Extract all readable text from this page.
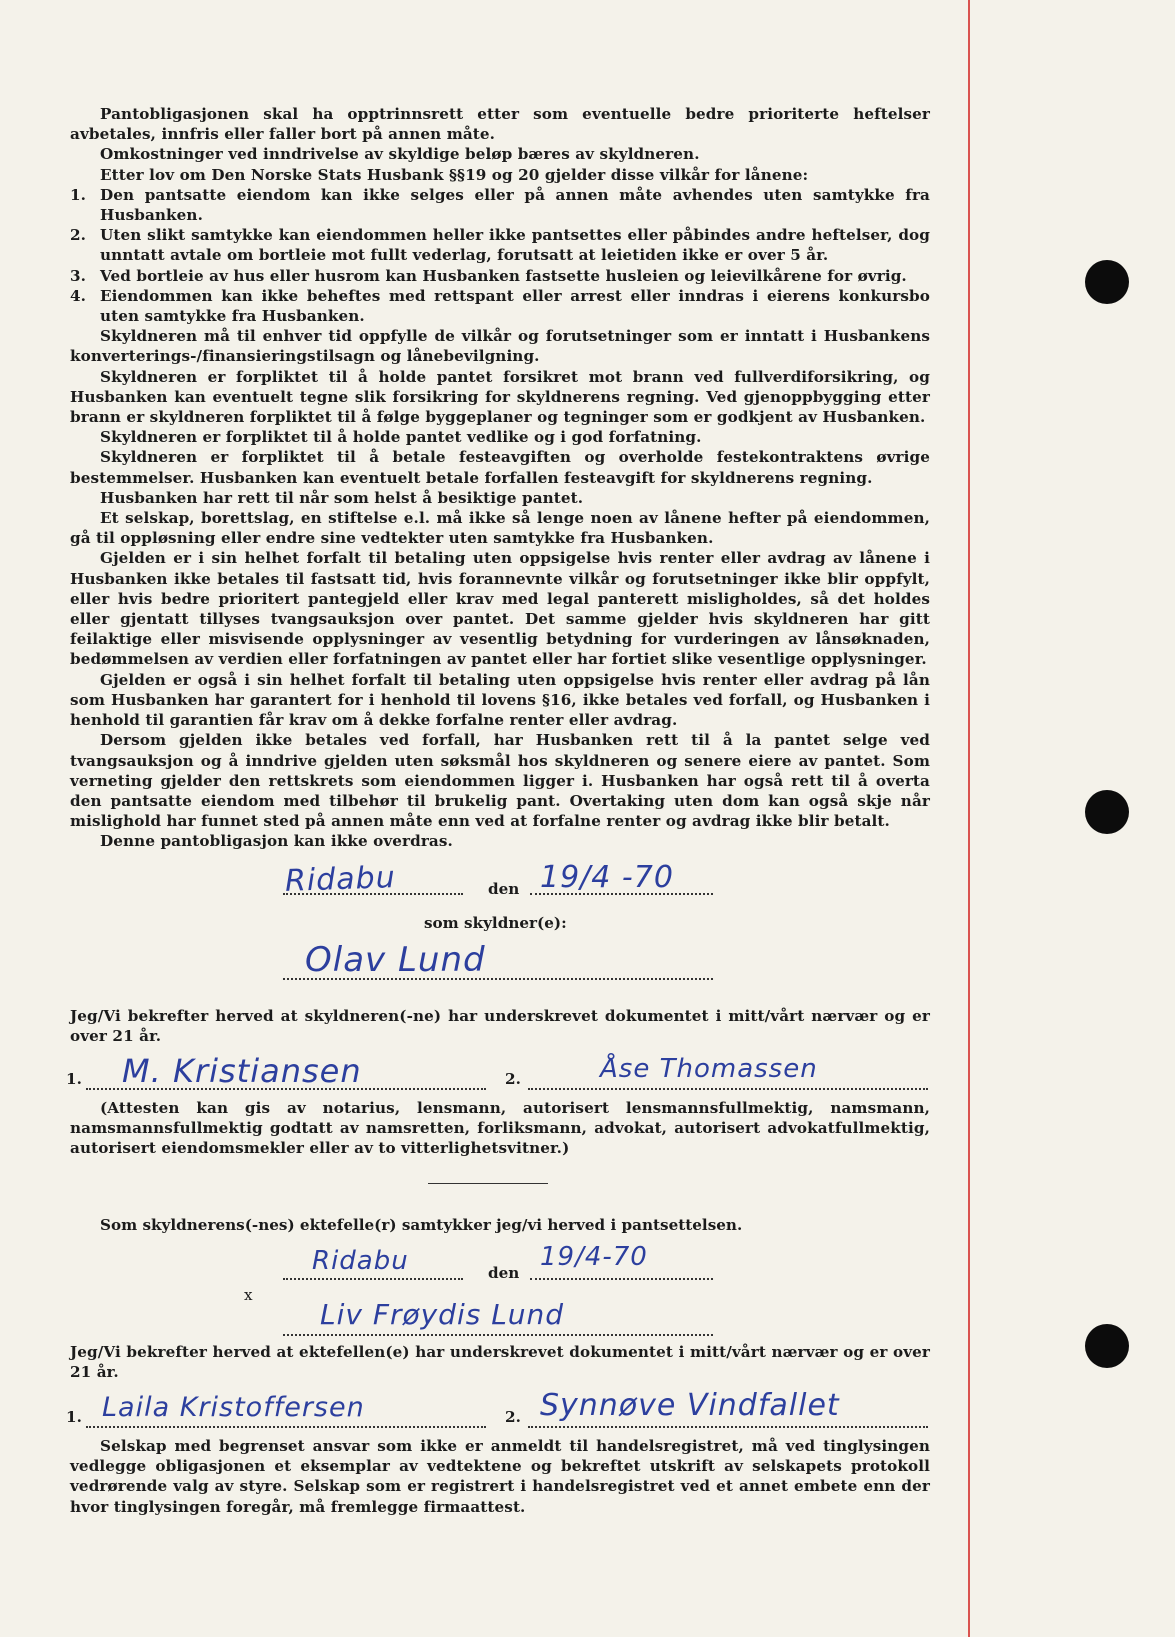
Pantobligasjonen skal ha opptrinnsrett etter som eventuelle bedre prioriterte heftelser avbetales, innfris eller faller bort på annen måte.

Omkostninger ved inndrivelse av skyldige beløp bæres av skyldneren.

Etter lov om Den Norske Stats Husbank §§19 og 20 gjelder disse vilkår for lånene:

1. Den pantsatte eiendom kan ikke selges eller på annen måte avhendes uten samtykke fra Husbanken.
2. Uten slikt samtykke kan eiendommen heller ikke pantsettes eller påbindes andre heftelser, dog unntatt avtale om bortleie mot fullt vederlag, forutsatt at leietiden ikke er over 5 år.
3. Ved bortleie av hus eller husrom kan Husbanken fastsette husleien og leievilkårene for øvrig.
4. Eiendommen kan ikke beheftes med rettspant eller arrest eller inndras i eierens konkursbo uten samtykke fra Husbanken.

Skyldneren må til enhver tid oppfylle de vilkår og forutsetninger som er inntatt i Husbankens konverterings-/finansieringstilsagn og lånebevilgning.

Skyldneren er forpliktet til å holde pantet forsikret mot brann ved fullverdiforsikring, og Husbanken kan eventuelt tegne slik forsikring for skyldnerens regning. Ved gjenoppbygging etter brann er skyldneren forpliktet til å følge byggeplaner og tegninger som er godkjent av Husbanken.

Skyldneren er forpliktet til å holde pantet vedlike og i god forfatning.

Skyldneren er forpliktet til å betale festeavgiften og overholde festekontraktens øvrige bestemmelser. Husbanken kan eventuelt betale forfallen festeavgift for skyldnerens regning.

Husbanken har rett til når som helst å besiktige pantet.

Et selskap, borettslag, en stiftelse e.l. må ikke så lenge noen av lånene hefter på eiendommen, gå til oppløsning eller endre sine vedtekter uten samtykke fra Husbanken.

Gjelden er i sin helhet forfalt til betaling uten oppsigelse hvis renter eller avdrag av lånene i Husbanken ikke betales til fastsatt tid, hvis forannevnte vilkår og forutsetninger ikke blir oppfylt, eller hvis bedre prioritert pantegjeld eller krav med legal panterett misligholdes, så det holdes eller gjentatt tillyses tvangsauksjon over pantet. Det samme gjelder hvis skyldneren har gitt feilaktige eller misvisende opplysninger av vesentlig betydning for vurderingen av lånsøknaden, bedømmelsen av verdien eller forfatningen av pantet eller har fortiet slike vesentlige opplysninger.

Gjelden er også i sin helhet forfalt til betaling uten oppsigelse hvis renter eller avdrag på lån som Husbanken har garantert for i henhold til lovens §16, ikke betales ved forfall, og Husbanken i henhold til garantien får krav om å dekke forfalne renter eller avdrag.

Dersom gjelden ikke betales ved forfall, har Husbanken rett til å la pantet selge ved tvangsauksjon og å inndrive gjelden uten søksmål hos skyldneren og senere eiere av pantet. Som verneting gjelder den rettskrets som eiendommen ligger i. Husbanken har også rett til å overta den pantsatte eiendom med tilbehør til brukelig pant. Overtaking uten dom kan også skje når mislighold har funnet sted på annen måte enn ved at forfalne renter og avdrag ikke blir betalt.

Denne pantobligasjon kan ikke overdras.

Ridabu	den 19/4 -70
som skyldner(e):
Olav Lund

Jeg/Vi bekrefter herved at skyldneren(-ne) har underskrevet dokumentet i mitt/vårt nærvær og er over 21 år.

1. M. Kristiansen	2.	Åse Thomassen

(Attesten kan gis av notarius, lensmann, autorisert lensmannsfullmektig, namsmann, namsmannsfullmektig godtatt av namsretten, forliksmann, advokat, autorisert advokatfullmektig, autorisert eiendomsmekler eller av to vitterlighetsvitner.)

Som skyldnerens(-nes) ektefelle(r) samtykker jeg/vi herved i pantsettelsen.
Ridabu	den
19/4-70
x
Liv Frøydis Lund

Jeg/Vi bekrefter herved at ektefellen(e) har underskrevet dokumentet i mitt/vårt nærvær og er over 21 år.

1. Laila Kristoffersen	2. Synnøve Vindfallet

Selskap med begrenset ansvar som ikke er anmeldt til handelsregistret, må ved tinglysingen vedlegge obligasjonen et eksemplar av vedtektene og bekreftet utskrift av selskapets protokoll vedrørende valg av styre. Selskap som er registrert i handelsregistret ved et annet embete enn der hvor tinglysingen foregår, må fremlegge firmaattest.
